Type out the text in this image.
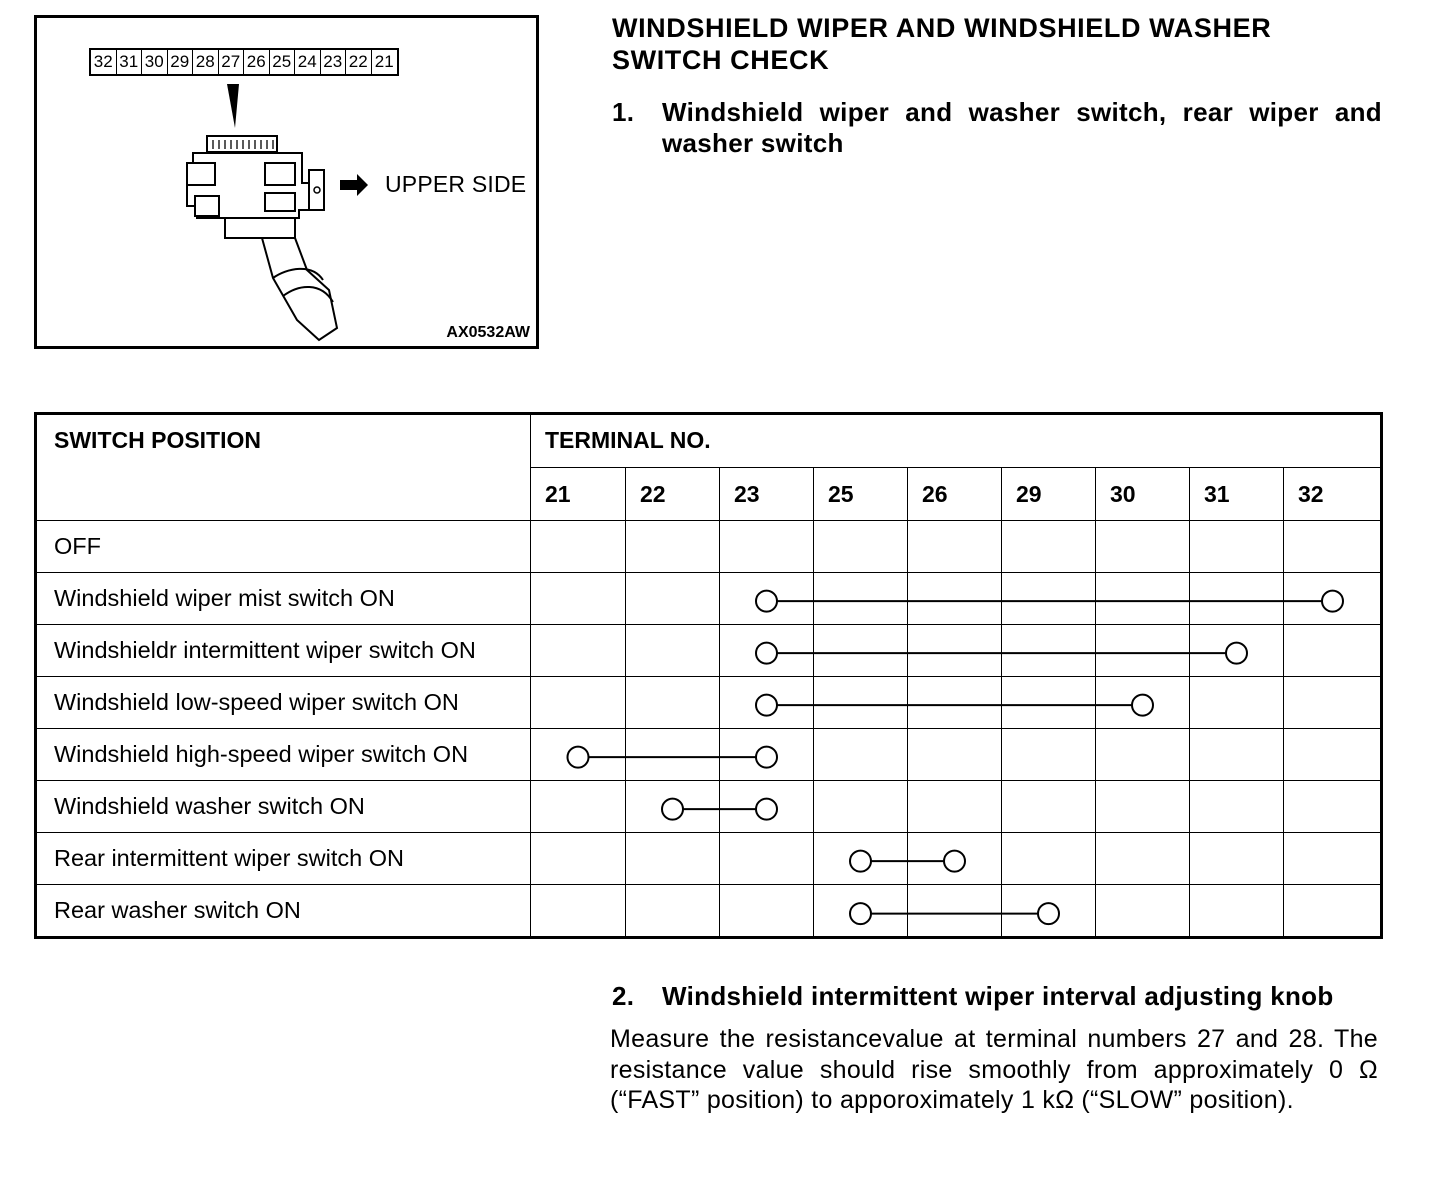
32 31 30 29 28 27 26 25 24 23 22 21
UPPER SIDE
AX0532AW
WINDSHIELD WIPER AND WINDSHIELD WASHER SWITCH CHECK
1. Windshield wiper and washer switch, rear wiper and washer switch
SWITCH POSITION	TERMINAL NO.								
	21	22	23	25	26	29	30	31	32
OFF									
Windshield wiper mist switch ON									
Windshieldr intermittent wiper switch ON									
Windshield low-speed wiper switch ON									
Windshield high-speed wiper switch ON									
Windshield washer switch ON									
Rear intermittent wiper switch ON									
Rear washer switch ON									
2. Windshield intermittent wiper interval adjusting knob
Measure the resistancevalue at terminal numbers 27 and 28. The resistance value should rise smoothly from approximately 0 Ω (“FAST” position) to apporoximately 1 kΩ (“SLOW” position).
